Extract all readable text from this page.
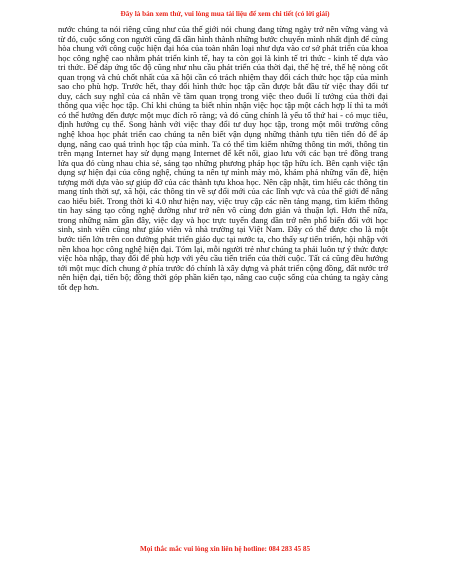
Đây là bản xem thử, vui lòng mua tài liệu để xem chi tiết (có lời giải)

nước chúng ta nói riêng cũng như của thế giới nói chung đang từng ngày trở nên vững vàng và từ đó, cuộc sống con người cũng đã dần hình thành những bước chuyển mình nhất định để cùng hòa chung với công cuộc hiện đại hóa của toàn nhân loại như dựa vào cơ sở phát triển của khoa học công nghệ cao nhằm phát triển kinh tế, hay ta còn gọi là kinh tế tri thức - kinh tế dựa vào tri thức. Để đáp ứng tốc độ cũng như nhu cầu phát triển của thời đại, thế hệ trẻ, thế hệ nòng cốt quan trọng và chủ chốt nhất của xã hội cần có trách nhiệm thay đổi cách thức học tập của mình sao cho phù hợp. Trước hết, thay đổi hình thức học tập cần được bắt đầu từ việc thay đổi tư duy, cách suy nghĩ của cá nhân về tầm quan trọng trong việc theo đuổi lí tưởng của thời đại thông qua việc học tập. Chỉ khi chúng ta biết nhìn nhận việc học tập một cách hợp lí thì ta mới có thể hướng đến được một mục đích rõ ràng; và đó cũng chính là yếu tố thứ hai - có mục tiêu, định hướng cụ thể. Song hành với việc thay đổi tư duy học tập, trong một môi trường công nghệ khoa học phát triển cao chúng ta nên biết vận dụng những thành tựu tiên tiến đó để áp dụng, nâng cao quá trình học tập của mình. Ta có thể tìm kiếm những thông tin mới, thông tin trên mạng Internet hay sử dụng mạng Internet để kết nối, giao lưu với các bạn trẻ đồng trang lứa qua đó cùng nhau chia sẻ, sáng tạo những phương pháp học tập hữu ích. Bên cạnh việc tận dụng sự hiện đại của công nghệ, chúng ta nên tự mình mày mò, khám phá những vấn đề, hiện tượng mới dựa vào sự giúp đỡ của các thành tựu khoa học. Nên cập nhật, tìm hiểu các thông tin mang tính thời sự, xã hội, các thông tin về sự đổi mới của các lĩnh vực và của thế giới để nâng cao hiểu biết. Trong thời kì 4.0 như hiện nay, việc truy cập các nền tảng mạng, tìm kiếm thông tin hay sáng tạo công nghệ dường như trở nên vô cùng đơn giản và thuận lợi. Hơn thế nữa, trong những năm gần đây, việc dạy và học trực tuyến đang dần trở nên phổ biến đối với học sinh, sinh viên cũng như giáo viên và nhà trường tại Việt Nam. Đây có thể được cho là một bước tiến lớn trên con đường phát triển giáo dục tại nước ta, cho thấy sự tiến triển, hội nhập với nền khoa học công nghệ hiện đại. Tóm lại, mỗi người trẻ như chúng ta phải luôn tự ý thức được việc hòa nhập, thay đổi để phù hợp với yêu cầu tiến triển của thời cuộc. Tất cả cũng đều hướng tới một mục đích chung ở phía trước đó chính là xây dựng và phát triển cộng đồng, đất nước trở nên hiện đại, tiến bộ; đồng thời góp phần kiến tạo, nâng cao cuộc sống của chúng ta ngày càng tốt đẹp hơn.

Mọi thắc mắc vui lòng xin liên hệ hotline: 084 283 45 85
